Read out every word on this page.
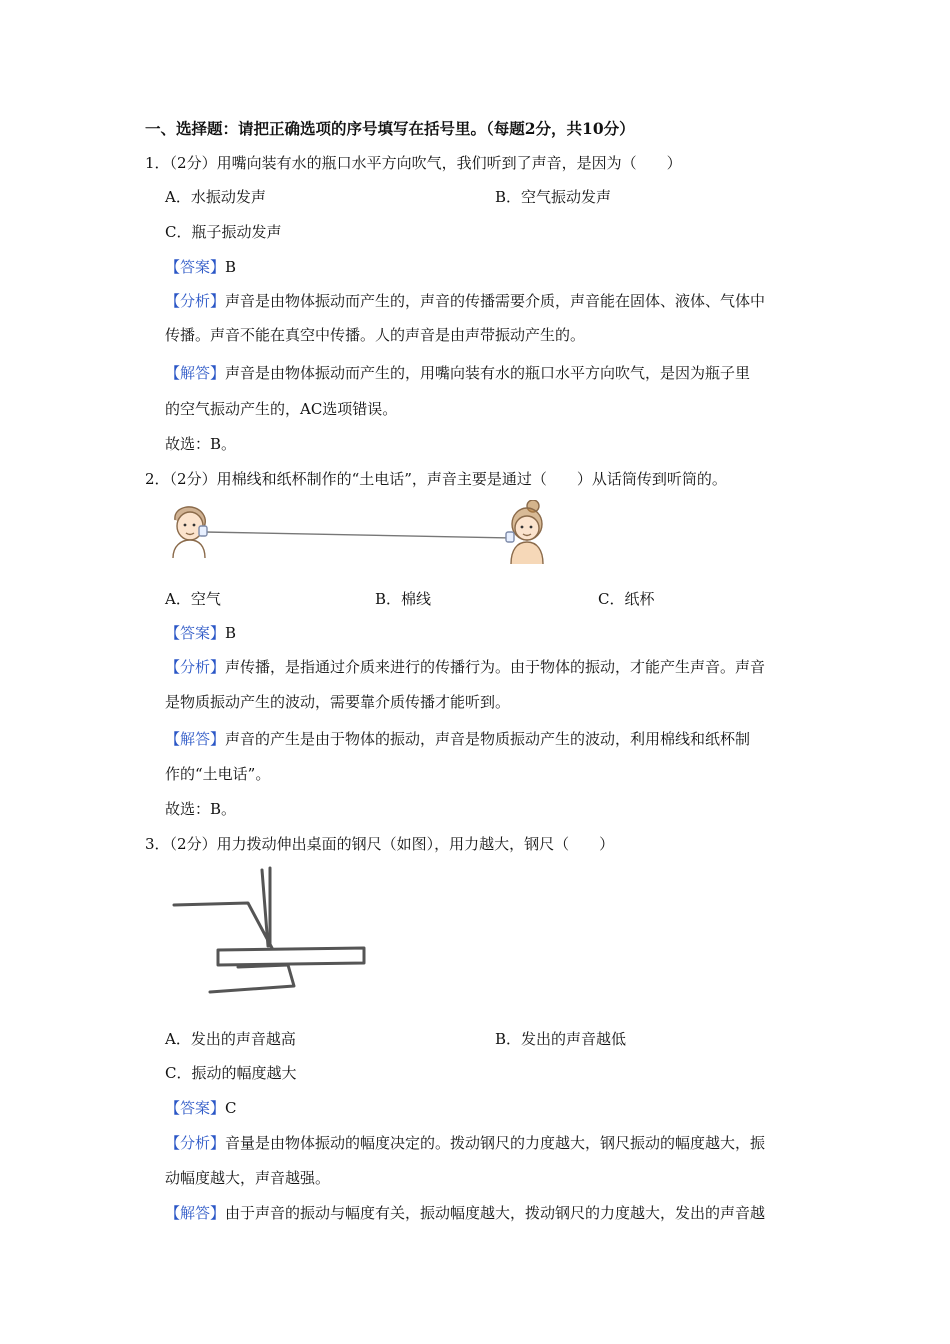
一、选择题：请把正确选项的序号填写在括号里。（每题2分，共10分）
1．（2分）用嘴向装有水的瓶口水平方向吹气，我们听到了声音，是因为（　　）
A．水振动发声	B．空气振动发声
C．瓶子振动发声
【答案】B
【分析】声音是由物体振动而产生的，声音的传播需要介质，声音能在固体、液体、气体中
传播。声音不能在真空中传播。人的声音是由声带振动产生的。
【解答】声音是由物体振动而产生的，用嘴向装有水的瓶口水平方向吹气，是因为瓶子里
的空气振动产生的，AC选项错误。
故选：B。
2．（2分）用棉线和纸杯制作的“土电话”，声音主要是通过（　　）从话筒传到听筒的。
A．空气	B．棉线	C．纸杯
【答案】B
【分析】声传播，是指通过介质来进行的传播行为。由于物体的振动，才能产生声音。声音
是物质振动产生的波动，需要靠介质传播才能听到。
【解答】声音的产生是由于物体的振动，声音是物质振动产生的波动，利用棉线和纸杯制
作的“土电话”。
故选：B。
3．（2分）用力拨动伸出桌面的钢尺（如图），用力越大，钢尺（　　）
A．发出的声音越高	B．发出的声音越低
C．振动的幅度越大
【答案】C
【分析】音量是由物体振动的幅度决定的。拨动钢尺的力度越大，钢尺振动的幅度越大，振
动幅度越大，声音越强。
【解答】由于声音的振动与幅度有关，振动幅度越大，拨动钢尺的力度越大，发出的声音越
